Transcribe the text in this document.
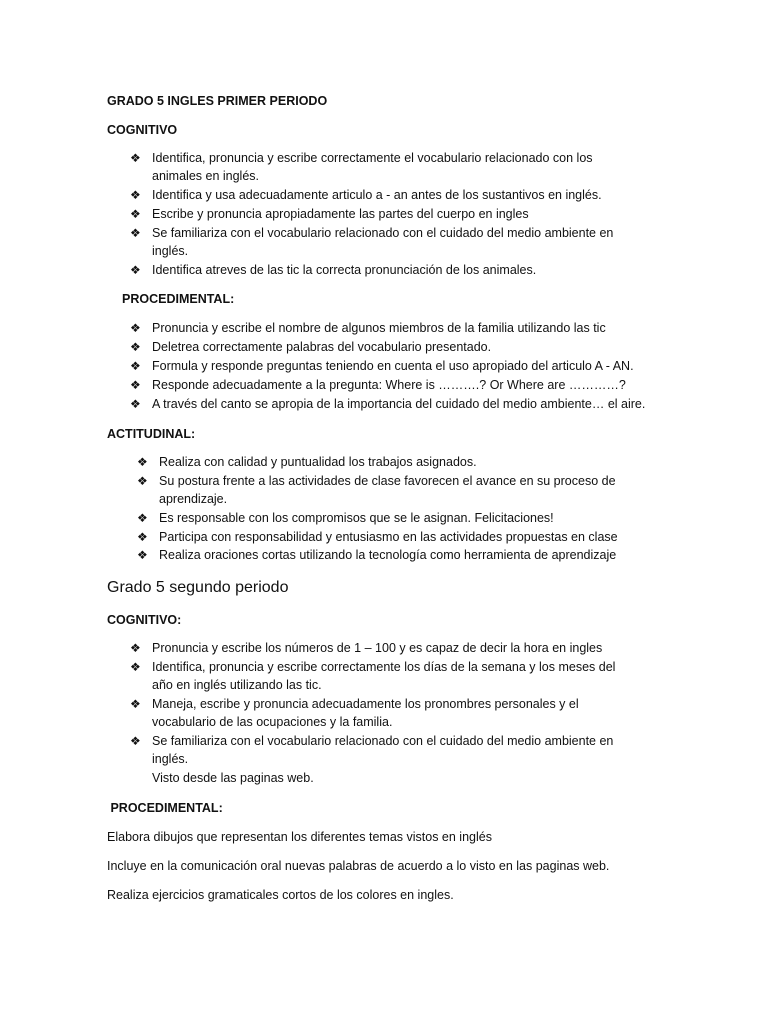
GRADO 5 INGLES PRIMER PERIODO
COGNITIVO
❖ Identifica, pronuncia y escribe correctamente el vocabulario relacionado con los
animales en inglés.
❖ Identifica y usa adecuadamente articulo a - an antes de los sustantivos en inglés.
❖ Escribe y pronuncia apropiadamente las partes del cuerpo en ingles
❖ Se familiariza con el vocabulario relacionado con el cuidado del medio ambiente en
inglés.
❖ Identifica atreves de las tic la correcta pronunciación de los animales.
PROCEDIMENTAL:
❖ Pronuncia y escribe el nombre de algunos miembros de la familia utilizando las tic
❖ Deletrea correctamente palabras del vocabulario presentado.
❖ Formula y responde preguntas teniendo en cuenta el uso apropiado del articulo A - AN.
❖ Responde adecuadamente a la pregunta: Where is ……….? Or Where are …………?
❖ A través del canto se apropia de la importancia del cuidado del medio ambiente… el aire.
ACTITUDINAL:
❖ Realiza con calidad y puntualidad los trabajos asignados.
❖ Su postura frente a las actividades de clase favorecen el avance en su proceso de
aprendizaje.
❖ Es responsable con los compromisos que se le asignan. Felicitaciones!
❖ Participa con responsabilidad y entusiasmo en las actividades propuestas en clase
❖ Realiza oraciones cortas utilizando la tecnología como herramienta de aprendizaje
Grado 5 segundo periodo
COGNITIVO:
❖ Pronuncia y escribe los números de 1 – 100 y es capaz de decir la hora en ingles
❖ Identifica, pronuncia y escribe correctamente los días de la semana y los meses del
año en inglés utilizando las tic.
❖ Maneja, escribe y pronuncia adecuadamente los pronombres personales y el
vocabulario de las ocupaciones y la familia.
❖ Se familiariza con el vocabulario relacionado con el cuidado del medio ambiente en
inglés.
Visto desde las paginas web.
PROCEDIMENTAL:
Elabora dibujos que representan los diferentes temas vistos en inglés
Incluye en la comunicación oral nuevas palabras de acuerdo a lo visto en las paginas web.
Realiza ejercicios gramaticales cortos de los colores en ingles.
